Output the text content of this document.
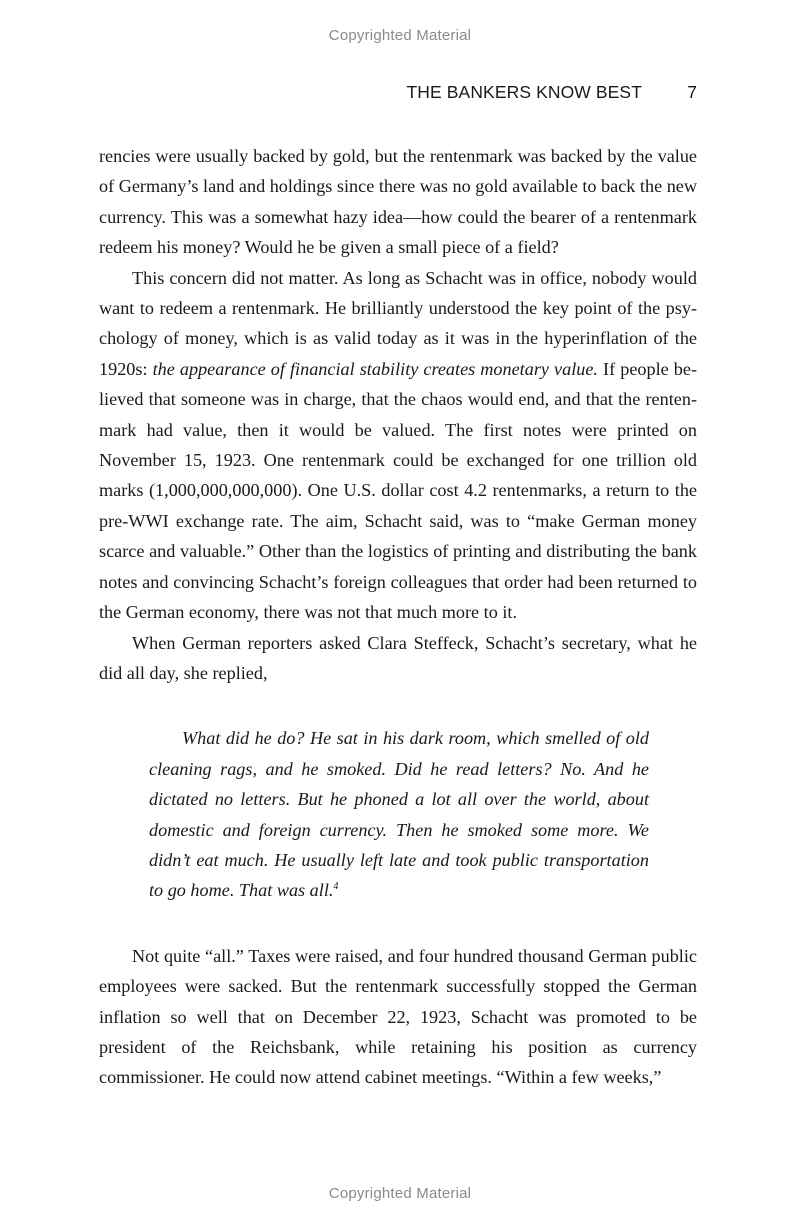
Copyrighted Material
THE BANKERS KNOW BEST	7

rencies were usually backed by gold, but the rentenmark was backed by the value of Germany’s land and holdings since there was no gold available to back the new currency. This was a somewhat hazy idea—how could the bearer of a rentenmark redeem his money? Would he be given a small piece of a field?

This concern did not matter. As long as Schacht was in office, nobody would want to redeem a rentenmark. He brilliantly understood the key point of the psychology of money, which is as valid today as it was in the hyperinflation of the 1920s: the appearance of financial stability creates monetary value. If people believed that someone was in charge, that the chaos would end, and that the rentenmark had value, then it would be valued. The first notes were printed on November 15, 1923. One rentenmark could be exchanged for one trillion old marks (1,000,000,000,000). One U.S. dollar cost 4.2 rentenmarks, a return to the pre-WWI exchange rate. The aim, Schacht said, was to “make German money scarce and valuable.” Other than the logistics of printing and distributing the bank notes and convincing Schacht’s foreign colleagues that order had been returned to the German economy, there was not that much more to it.

When German reporters asked Clara Steffeck, Schacht’s secretary, what he did all day, she replied,

What did he do? He sat in his dark room, which smelled of old cleaning rags, and he smoked. Did he read letters? No. And he dictated no letters. But he phoned a lot all over the world, about domestic and foreign currency. Then he smoked some more. We didn’t eat much. He usually left late and took public transportation to go home. That was all.$^4$

Not quite “all.” Taxes were raised, and four hundred thousand German public employees were sacked. But the rentenmark successfully stopped the German inflation so well that on December 22, 1923, Schacht was promoted to be president of the Reichsbank, while retaining his position as currency commissioner. He could now attend cabinet meetings. “Within a few weeks,”

Copyrighted Material
